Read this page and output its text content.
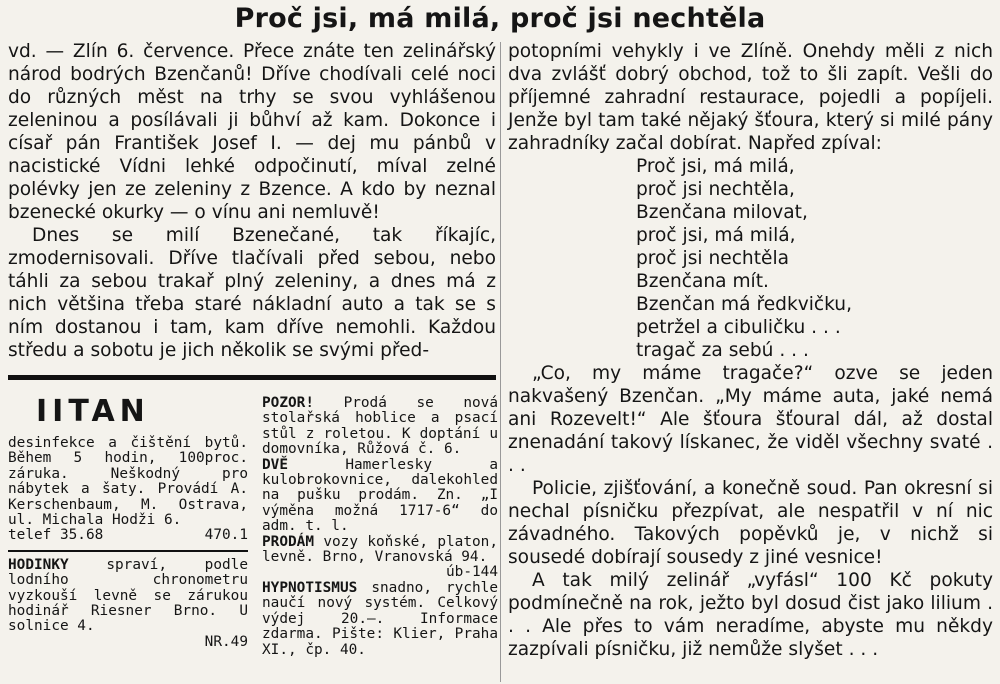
Proč jsi, má milá, proč jsi nechtěla

vd. — Zlín 6. července. Přece znáte ten zelinářský národ bodrých Bzenčanů! Dříve chodívali celé noci do různých měst na trhy se svou vyhlášenou zeleninou a posílávali ji bůhví až kam. Dokonce i císař pán František Josef I. — dej mu pánbů v nacistické Vídni lehké odpočinutí, míval zelné polévky jen ze zeleniny z Bzence. A kdo by neznal bzenecké okurky — o vínu ani nemluvě!

Dnes se milí Bzenečané, tak říkajíc, zmodernisovali. Dříve tlačívali před sebou, nebo táhli za sebou trakař plný zeleniny, a dnes má z nich většina třeba staré nákladní auto a tak se s ním dostanou i tam, kam dříve nemohli. Každou středu a sobotu je jich několik se svými před-

IITAN
desinfekce a čištění bytů. Během 5 hodin, 100proc. záruka. Neškodný pro nábytek a šaty. Provádí A. Kerschenbaum, M. Ostrava, ul. Michala Hodži 6.
telef 35.68	470.1
HODINKY	spraví, podle lodního chronometru vyzkouší levně se zárukou hodinář Riesner Brno. U solnice 4.
NR.49
POZOR! Prodá se nová stolařská hoblice a psací stůl z roletou. K doptání u domovníka, Růžová č. 6.
DVĚ	Hamerlesky a kulobrokovnice, dalekohled na pušku prodám. Zn. „I výměna možná 1717-6“ do adm. t. l.
PRODÁM vozy koňské, platon, levně. Brno, Vranovská 94.
úb-144
HYPNOTISMUS snadno, rychle naučí nový systém. Celkový výdej 20.—. Informace zdarma. Pište: Klier, Praha XI., čp. 40.

potopními vehykly i ve Zlíně. Onehdy měli z nich dva zvlášť dobrý obchod, tož to šli zapít. Vešli do příjemné zahradní restaurace, pojedli a popíjeli. Jenže byl tam také nějaký šťoura, který si milé pány zahradníky začal dobírat. Napřed zpíval:

Proč jsi, má milá,
proč jsi nechtěla,
Bzenčana milovat,
proč jsi, má milá,
proč jsi nechtěla
Bzenčana mít.
Bzenčan má ředkvičku,
petržel a cibuličku . . .
tragač za sebú . . .

„Co, my máme tragače?“ ozve se jeden nakvašený Bzenčan. „My máme auta, jaké nemá ani Rozevelt!“ Ale šťoura šťoural dál, až dostal znenadání takový lískanec, že viděl všechny svaté . . .

Policie, zjišťování, a konečně soud. Pan okresní si nechal písničku přezpívat, ale nespatřil v ní nic závadného. Takových popěvků je, v nichž si sousedé dobírají sousedy z jiné vesnice!

A tak milý zelinář „vyfásl“ 100 Kč pokuty podmínečně na rok, ježto byl dosud čist jako lilium . . . Ale přes to vám neradíme, abyste mu někdy zazpívali písničku, již nemůže slyšet . . .
